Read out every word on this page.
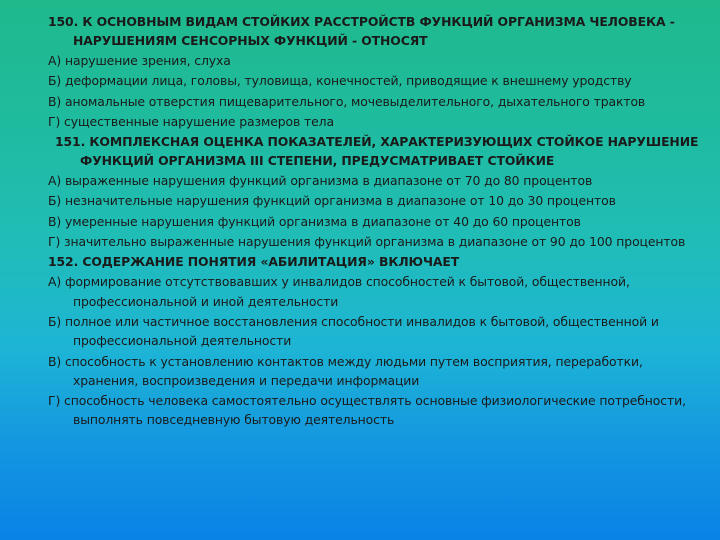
150. К ОСНОВНЫМ ВИДАМ СТОЙКИХ РАССТРОЙСТВ ФУНКЦИЙ ОРГАНИЗМА ЧЕЛОВЕКА - НАРУШЕНИЯМ СЕНСОРНЫХ ФУНКЦИЙ - ОТНОСЯТ

А) нарушение зрения, слуха
Б) деформации лица, головы, туловища, конечностей, приводящие к внешнему уродству
В) аномальные отверстия пищеварительного, мочевыделительного, дыхательного трактов
Г) существенные нарушение размеров тела

151. КОМПЛЕКСНАЯ ОЦЕНКА ПОКАЗАТЕЛЕЙ, ХАРАКТЕРИЗУЮЩИХ СТОЙКОЕ НАРУШЕНИЕ ФУНКЦИЙ ОРГАНИЗМА III СТЕПЕНИ, ПРЕДУСМАТРИВАЕТ СТОЙКИЕ

А) выраженные нарушения функций организма в диапазоне от 70 до 80 процентов
Б) незначительные нарушения функций организма в диапазоне от 10 до 30 процентов
В) умеренные нарушения функций организма в диапазоне от 40 до 60 процентов
Г) значительно выраженные нарушения функций организма в диапазоне от 90 до 100 процентов

152. СОДЕРЖАНИЕ ПОНЯТИЯ «АБИЛИТАЦИЯ» ВКЛЮЧАЕТ

А) формирование отсутствовавших у инвалидов способностей к бытовой, общественной, профессиональной и иной деятельности
Б) полное или частичное восстановления способности инвалидов к бытовой, общественной и профессиональной деятельности
В) способность к установлению контактов между людьми путем восприятия, переработки, хранения, воспроизведения и передачи информации
Г) способность человека самостоятельно осуществлять основные физиологические потребности, выполнять повседневную бытовую деятельность
